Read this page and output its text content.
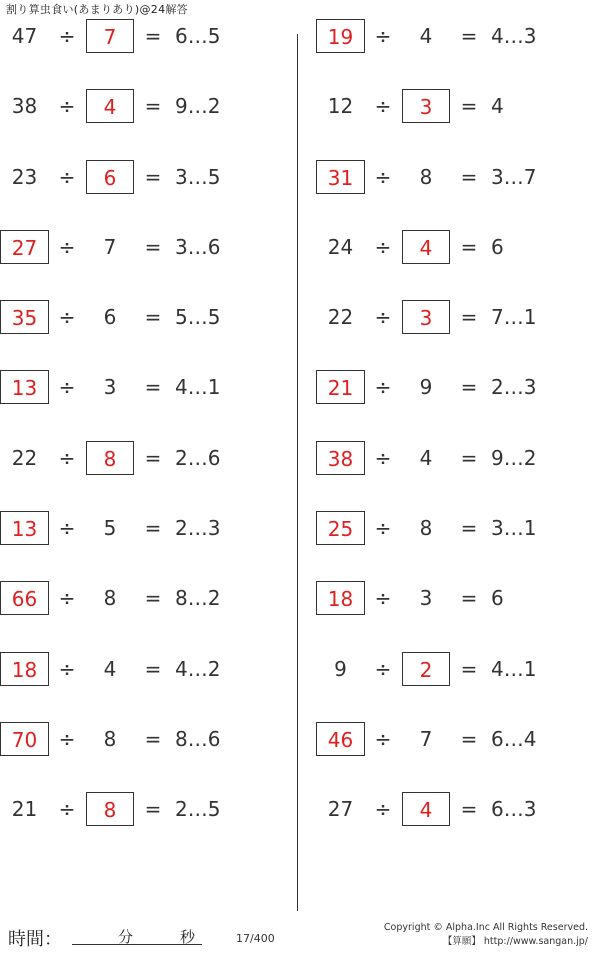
割り算虫食い(あまりあり)@24解答
47	÷	7	= 6…5
38	÷	4	= 9…2
23	÷	6	= 3…5
27	÷	7	= 3…6
35	÷	6	= 5…5
13	÷	3	= 4…1
22	÷	8	= 2…6
13	÷	5	= 2…3
66	÷	8	= 8…2
18	÷	4	= 4…2
70	÷	8	= 8…6
21	÷	8	= 2…5
19	÷	4	= 4…3
12	÷	3	= 4
31	÷	8	= 3…7
24	÷	4	= 6
22	÷	3	= 7…1
21	÷	9	= 2…3
38	÷	4	= 9…2
25	÷	8	= 3…1
18	÷	3	= 6
9	÷	2	= 4…1
46	÷	7	= 6…4
27	÷	4	= 6…3
時間：	分	秒	17/400
Copyright © Alpha.Inc All Rights Reserved.
【算願】 http://www.sangan.jp/
